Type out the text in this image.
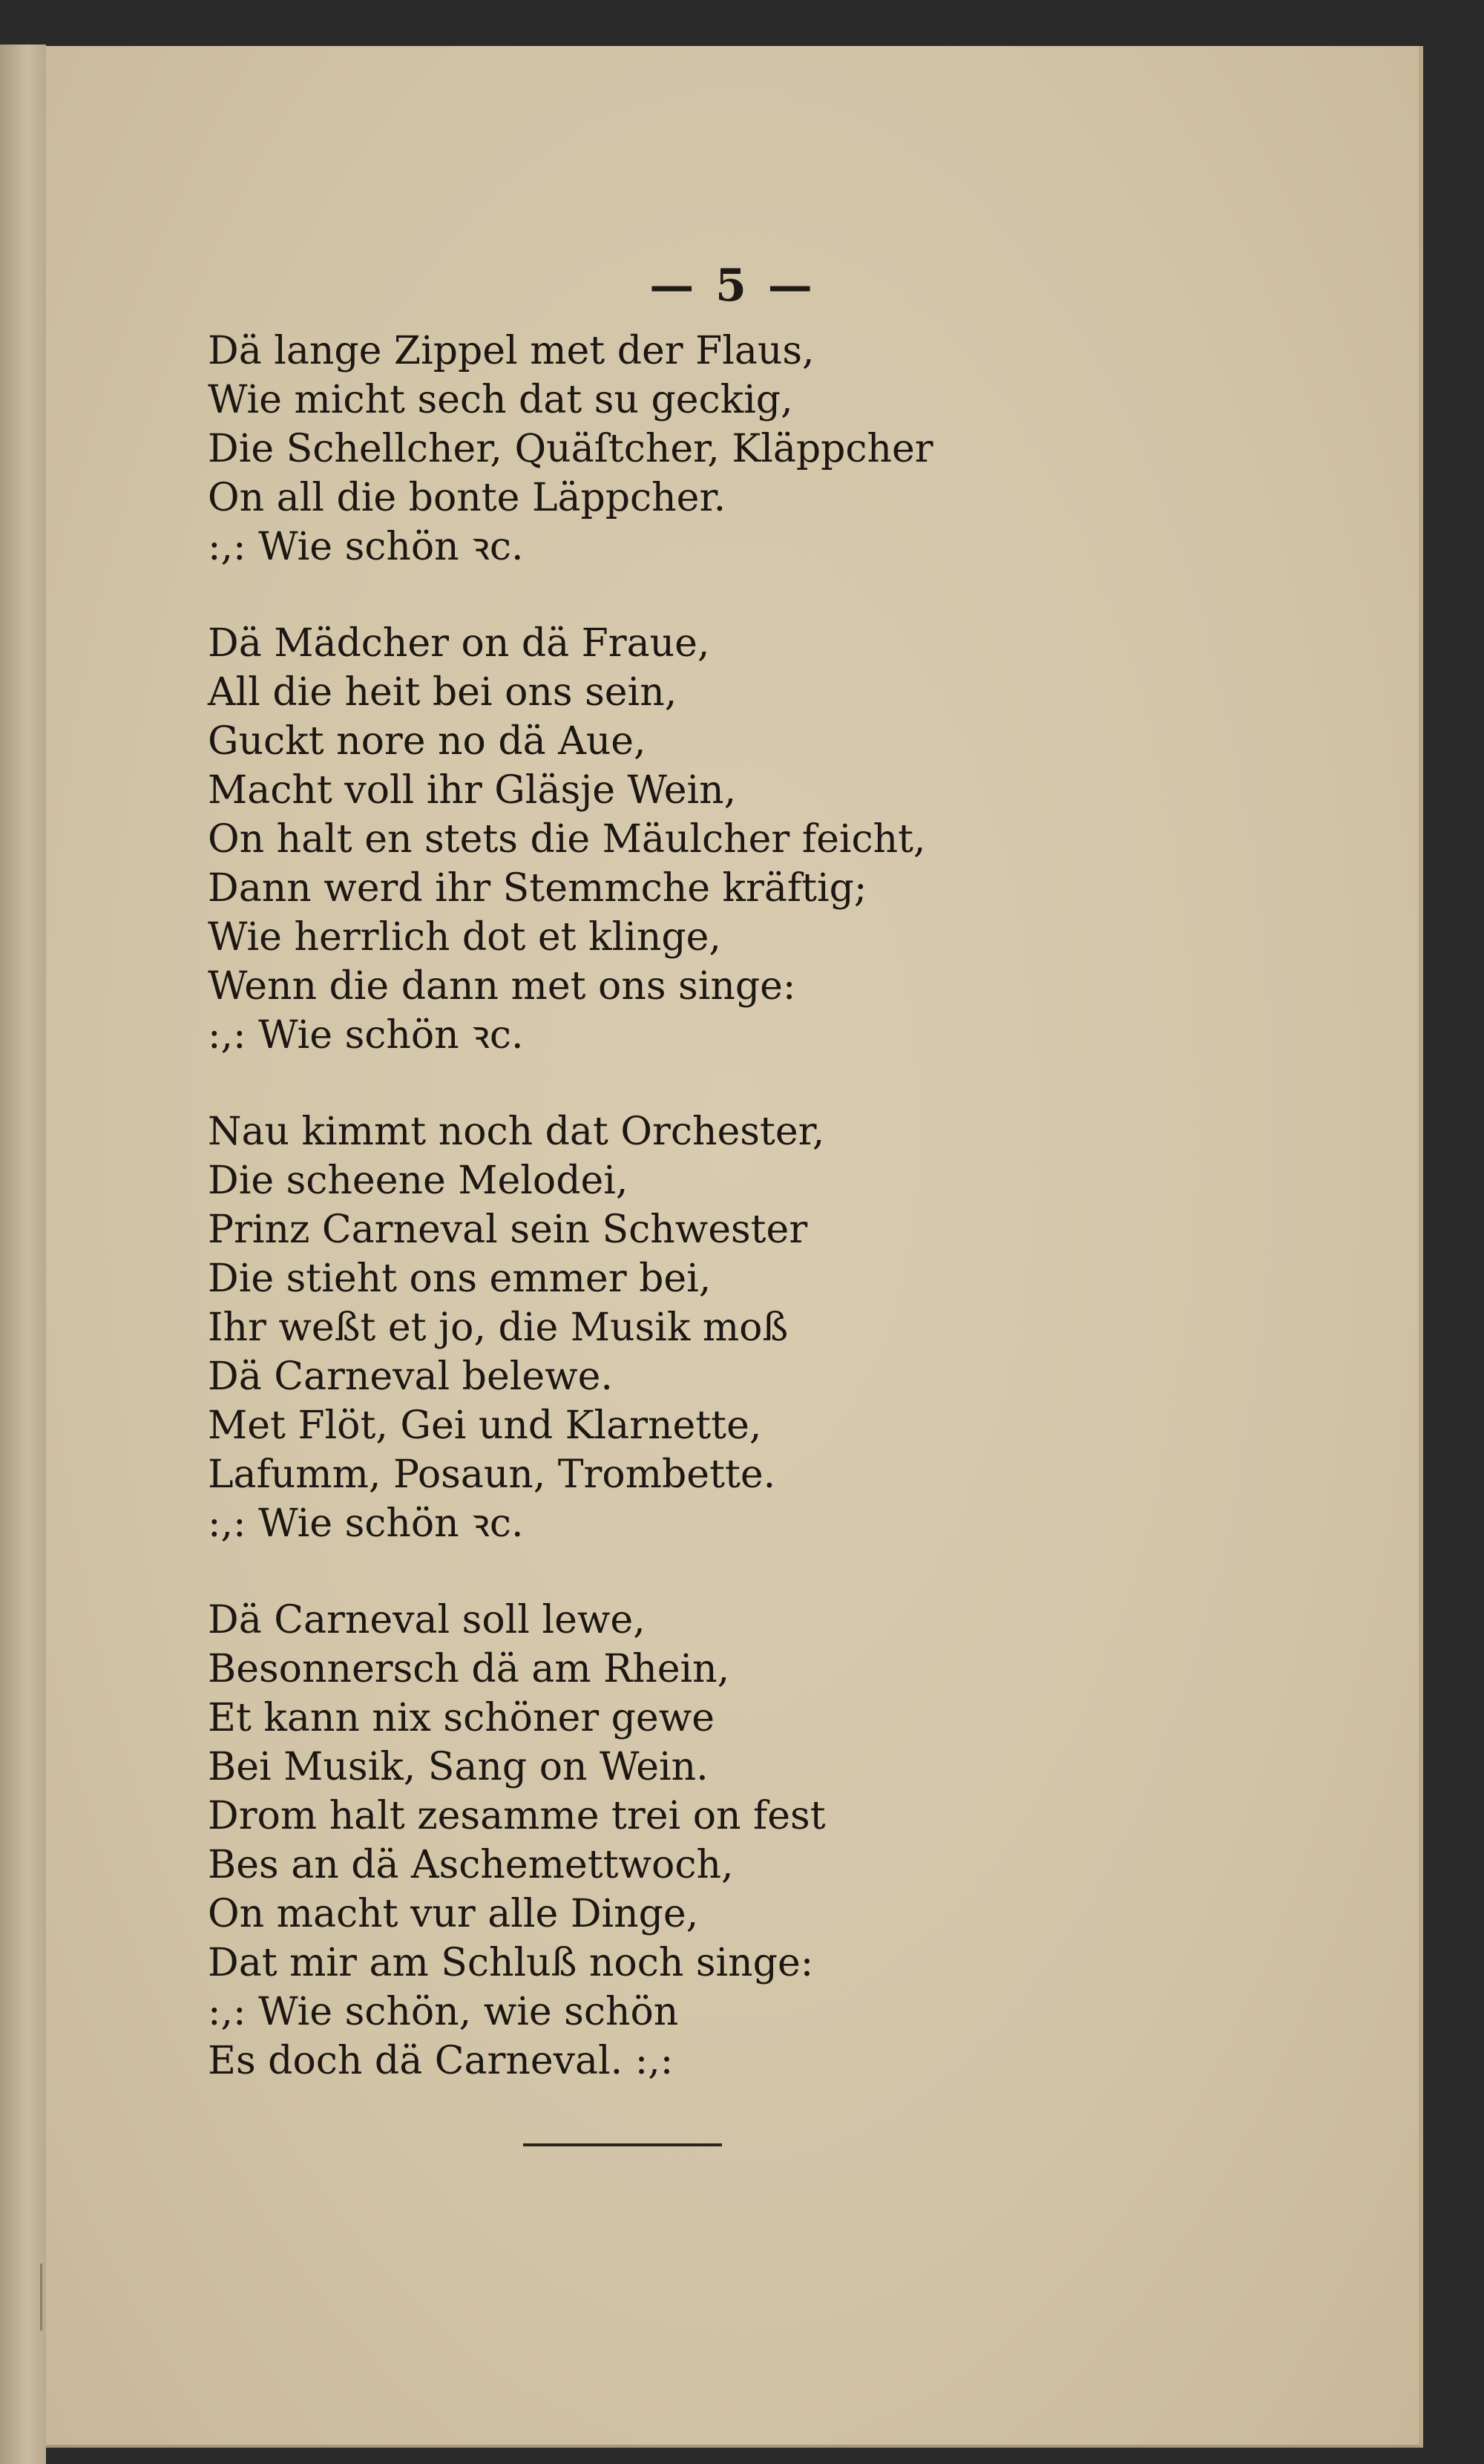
— 5 —
Dä lange Zippel met der Flaus,
Wie micht sech dat su geckig,
Die Schellcher, Quäſtcher, Kläppcher
On all die bonte Läppcher.
:,: Wie schön ꝛc.
Dä Mädcher on dä Fraue,
All die heit bei ons sein,
Guckt nore no dä Aue,
Macht voll ihr Gläsje Wein,
On halt en stets die Mäulcher feicht,
Dann werd ihr Stemmche kräftig;
Wie herrlich dot et klinge,
Wenn die dann met ons singe:
:,: Wie schön ꝛc.
Nau kimmt noch dat Orchester,
Die scheene Melodei,
Prinz Carneval sein Schwester
Die stieht ons emmer bei,
Ihr weßt et jo, die Musik moß
Dä Carneval belewe.
Met Flöt, Gei und Klarnette,
Lafumm, Posaun, Trombette.
:,: Wie schön ꝛc.
Dä Carneval soll lewe,
Besonnersch dä am Rhein,
Et kann nix schöner gewe
Bei Musik, Sang on Wein.
Drom halt zesamme trei on fest
Bes an dä Aschemettwoch,
On macht vur alle Dinge,
Dat mir am Schluß noch singe:
:,: Wie schön, wie schön
Es doch dä Carneval. :,:
